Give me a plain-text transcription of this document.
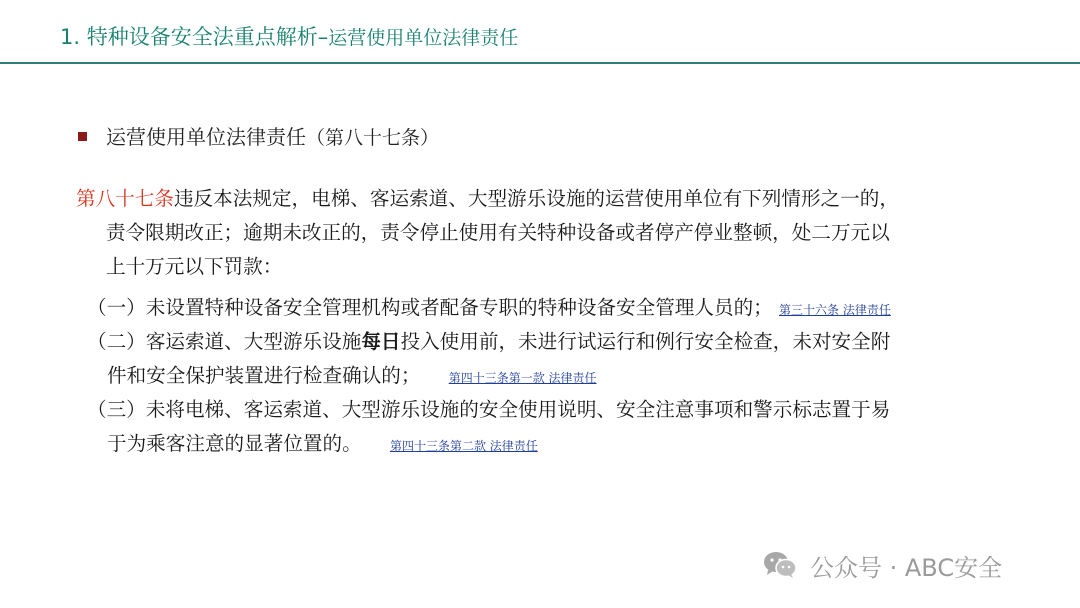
1. 特种设备安全法重点解析–运营使用单位法律责任
运营使用单位法律责任（第八十七条）
第八十七条违反本法规定，电梯、客运索道、大型游乐设施的运营使用单位有下列情形之一的，
责令限期改正；逾期未改正的，责令停止使用有关特种设备或者停产停业整顿，处二万元以
上十万元以下罚款：
（一）未设置特种设备安全管理机构或者配备专职的特种设备安全管理人员的； 第三十六条 法律责任
（二）客运索道、大型游乐设施每日投入使用前，未进行试运行和例行安全检查，未对安全附
件和安全保护装置进行检查确认的； 第四十三条第一款 法律责任
（三）未将电梯、客运索道、大型游乐设施的安全使用说明、安全注意事项和警示标志置于易
于为乘客注意的显著位置的。 第四十三条第二款 法律责任
公众号 · ABC安全
